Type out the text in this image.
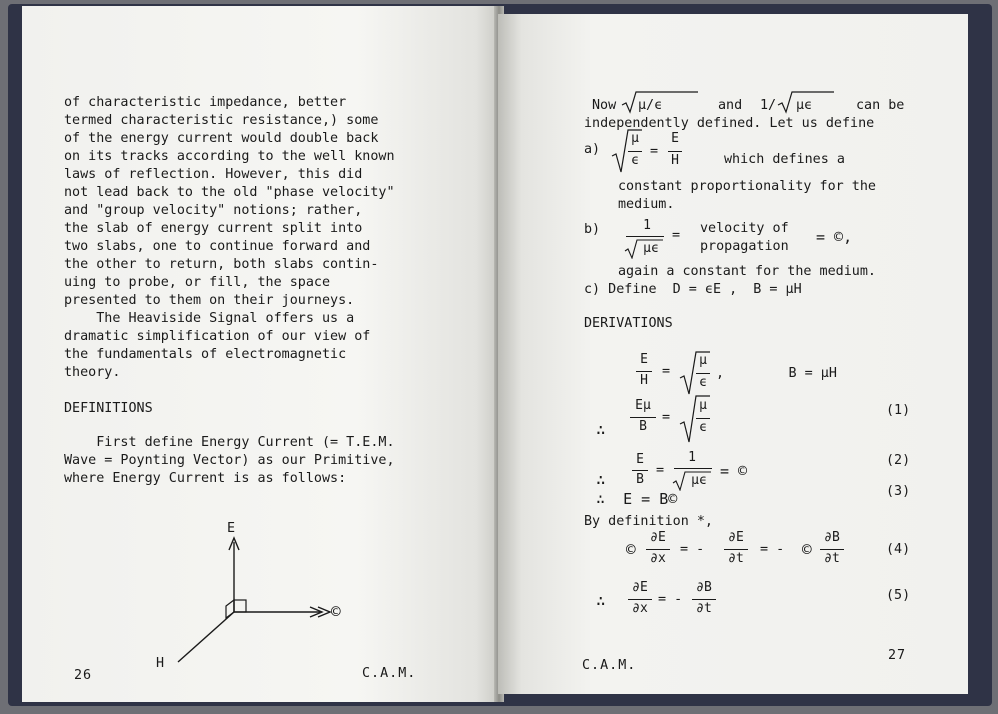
of characteristic impedance, better
termed characteristic resistance,) some
of the energy current would double back
on its tracks according to the well known
laws of reflection. However, this did
not lead back to the old "phase velocity"
and "group velocity" notions; rather,
the slab of energy current split into
two slabs, one to continue forward and
the other to return, both slabs contin-
uing to probe, or fill, the space
presented to them on their journeys.
The Heaviside Signal offers us a
dramatic simplification of our view of
the fundamentals of electromagnetic
theory.
DEFINITIONS
First define Energy Current (= T.E.M.
Wave = Poynting Vector) as our Primitive,
where Energy Current is as follows:
E
H
©
26	C.A.M.
Now μ/ϵ	and 1/ μϵ	can be
independently defined. Let us define
a)
μ
ϵ
=
E
H	which defines a
constant proportionality for the
medium.
b)	1
μϵ
= velocity of
propagation
= ©,
again a constant for the medium.
c) Define  D = ϵE ,  B = μH
DERIVATIONS
E
H
=
μ
ϵ
,        B = μH
∴
Eμ
B
=
μ
ϵ
(1)
∴
E
B
=
1
μϵ
= ©
(2)
∴  E = B©	(3)
By definition *,
©
∂E
∂x
= -
∂E
∂t
= - ©
∂B
∂t
(4)
∴
∂E
∂x
= -
∂B
∂t
(5)
C.A.M.
27
